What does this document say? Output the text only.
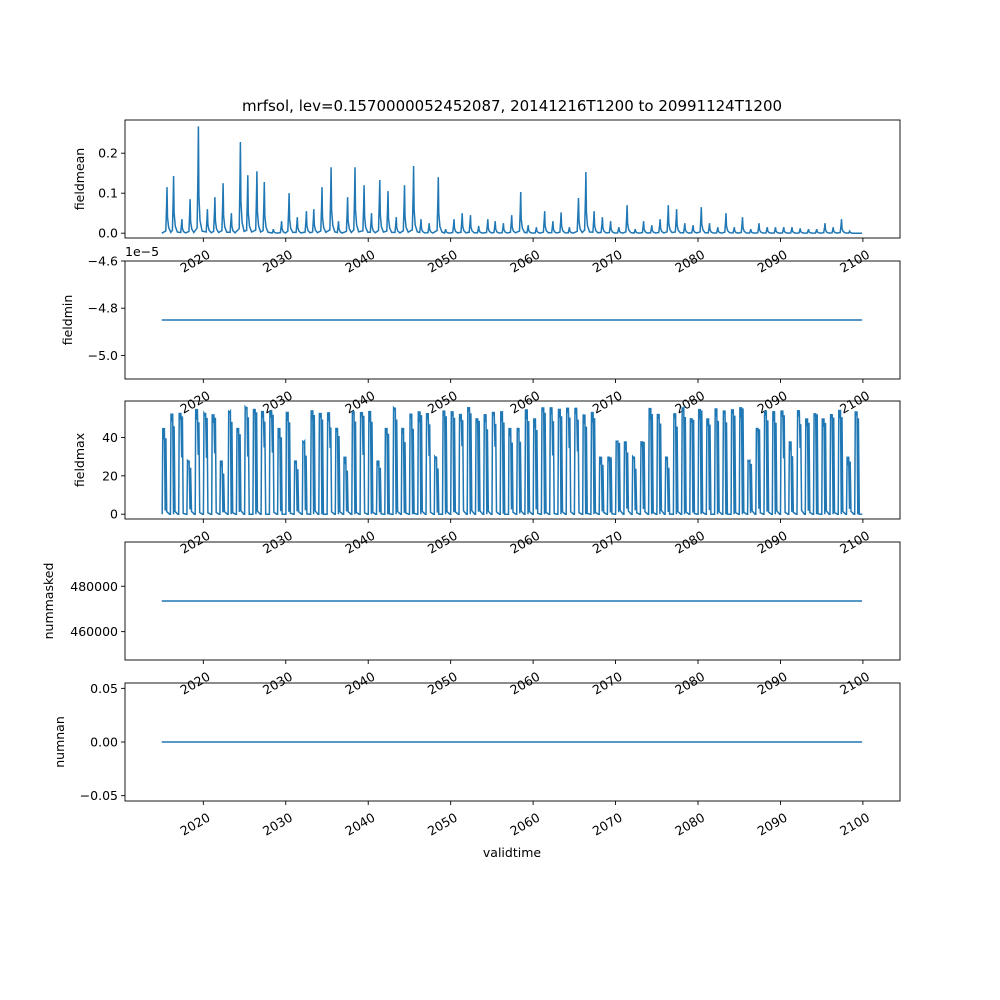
mrfsol, lev=0.1570000052452087, 20141216T1200 to 20991124T1200
0.0
0.1
0.2
fieldmean
2020	2030	2040	2050	2060	2070	2080	2090	2100
−5.0
−4.8
−4.6
fieldmin
1e−5
2020	2030	2040	2050	2060	2070	2080	2090	2100
0
20
40
fieldmax
2020	2030	2040	2050	2060	2070	2080	2090	2100
460000
480000
nummasked
2020	2030	2040	2050	2060	2070	2080	2090	2100
−0.05
0.00
0.05
numnan
2020	2030	2040	2050	2060	2070	2080	2090	2100
validtime
